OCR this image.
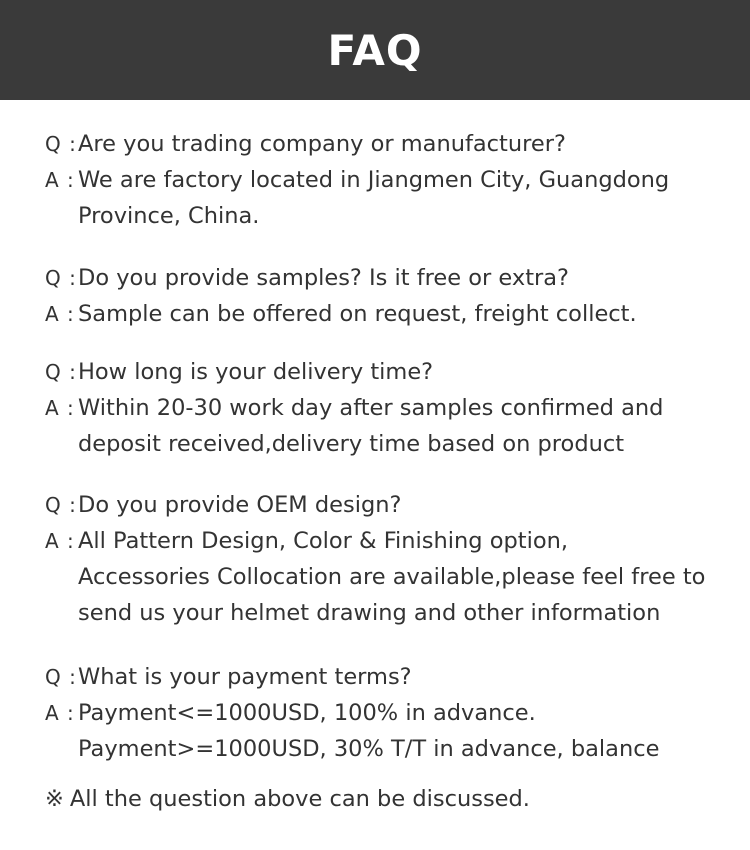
FAQ
Q : Are you trading company or manufacturer?
A : We are factory located in Jiangmen City, Guangdong
Province, China.
Q : Do you provide samples? Is it free or extra?
A : Sample can be offered on request, freight collect.
Q : How long is your delivery time?
A : Within 20-30 work day after samples confirmed and
deposit received,delivery time based on product
Q : Do you provide OEM design?
A : All Pattern Design, Color & Finishing option,
Accessories Collocation are available,please feel free to
send us your helmet drawing and other information
Q : What is your payment terms?
A : Payment<=1000USD, 100% in advance.
Payment>=1000USD, 30% T/T in advance, balance
※ All the question above can be discussed.
